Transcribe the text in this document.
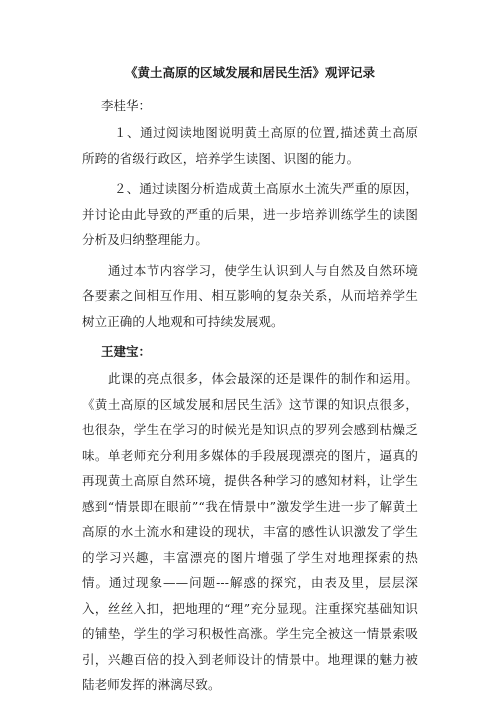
《黄土高原的区域发展和居民生活》观评记录
李桂华：

１、通过阅读地图说明黄土高原的位置,描述黄土高原所跨的省级行政区，培养学生读图、识图的能力。

２、通过读图分析造成黄土高原水土流失严重的原因，并讨论由此导致的严重的后果，进一步培养训练学生的读图分析及归纳整理能力。

通过本节内容学习，使学生认识到人与自然及自然环境各要素之间相互作用、相互影响的复杂关系，从而培养学生树立正确的人地观和可持续发展观。

王建宝：

此课的亮点很多，体会最深的还是课件的制作和运用。《黄土高原的区域发展和居民生活》这节课的知识点很多，也很杂，学生在学习的时候光是知识点的罗列会感到枯燥乏味。单老师充分利用多媒体的手段展现漂亮的图片，逼真的再现黄土高原自然环境，提供各种学习的感知材料，让学生感到“情景即在眼前”“我在情景中”激发学生进一步了解黄土高原的水土流水和建设的现状，丰富的感性认识激发了学生的学习兴趣，丰富漂亮的图片增强了学生对地理探索的热情。通过现象——问题---解惑的探究，由表及里，层层深入，丝丝入扣，把地理的“理”充分显现。注重探究基础知识的铺垫，学生的学习积极性高涨。学生完全被这一情景索吸引，兴趣百倍的投入到老师设计的情景中。地理课的魅力被陆老师发挥的淋漓尽致。
